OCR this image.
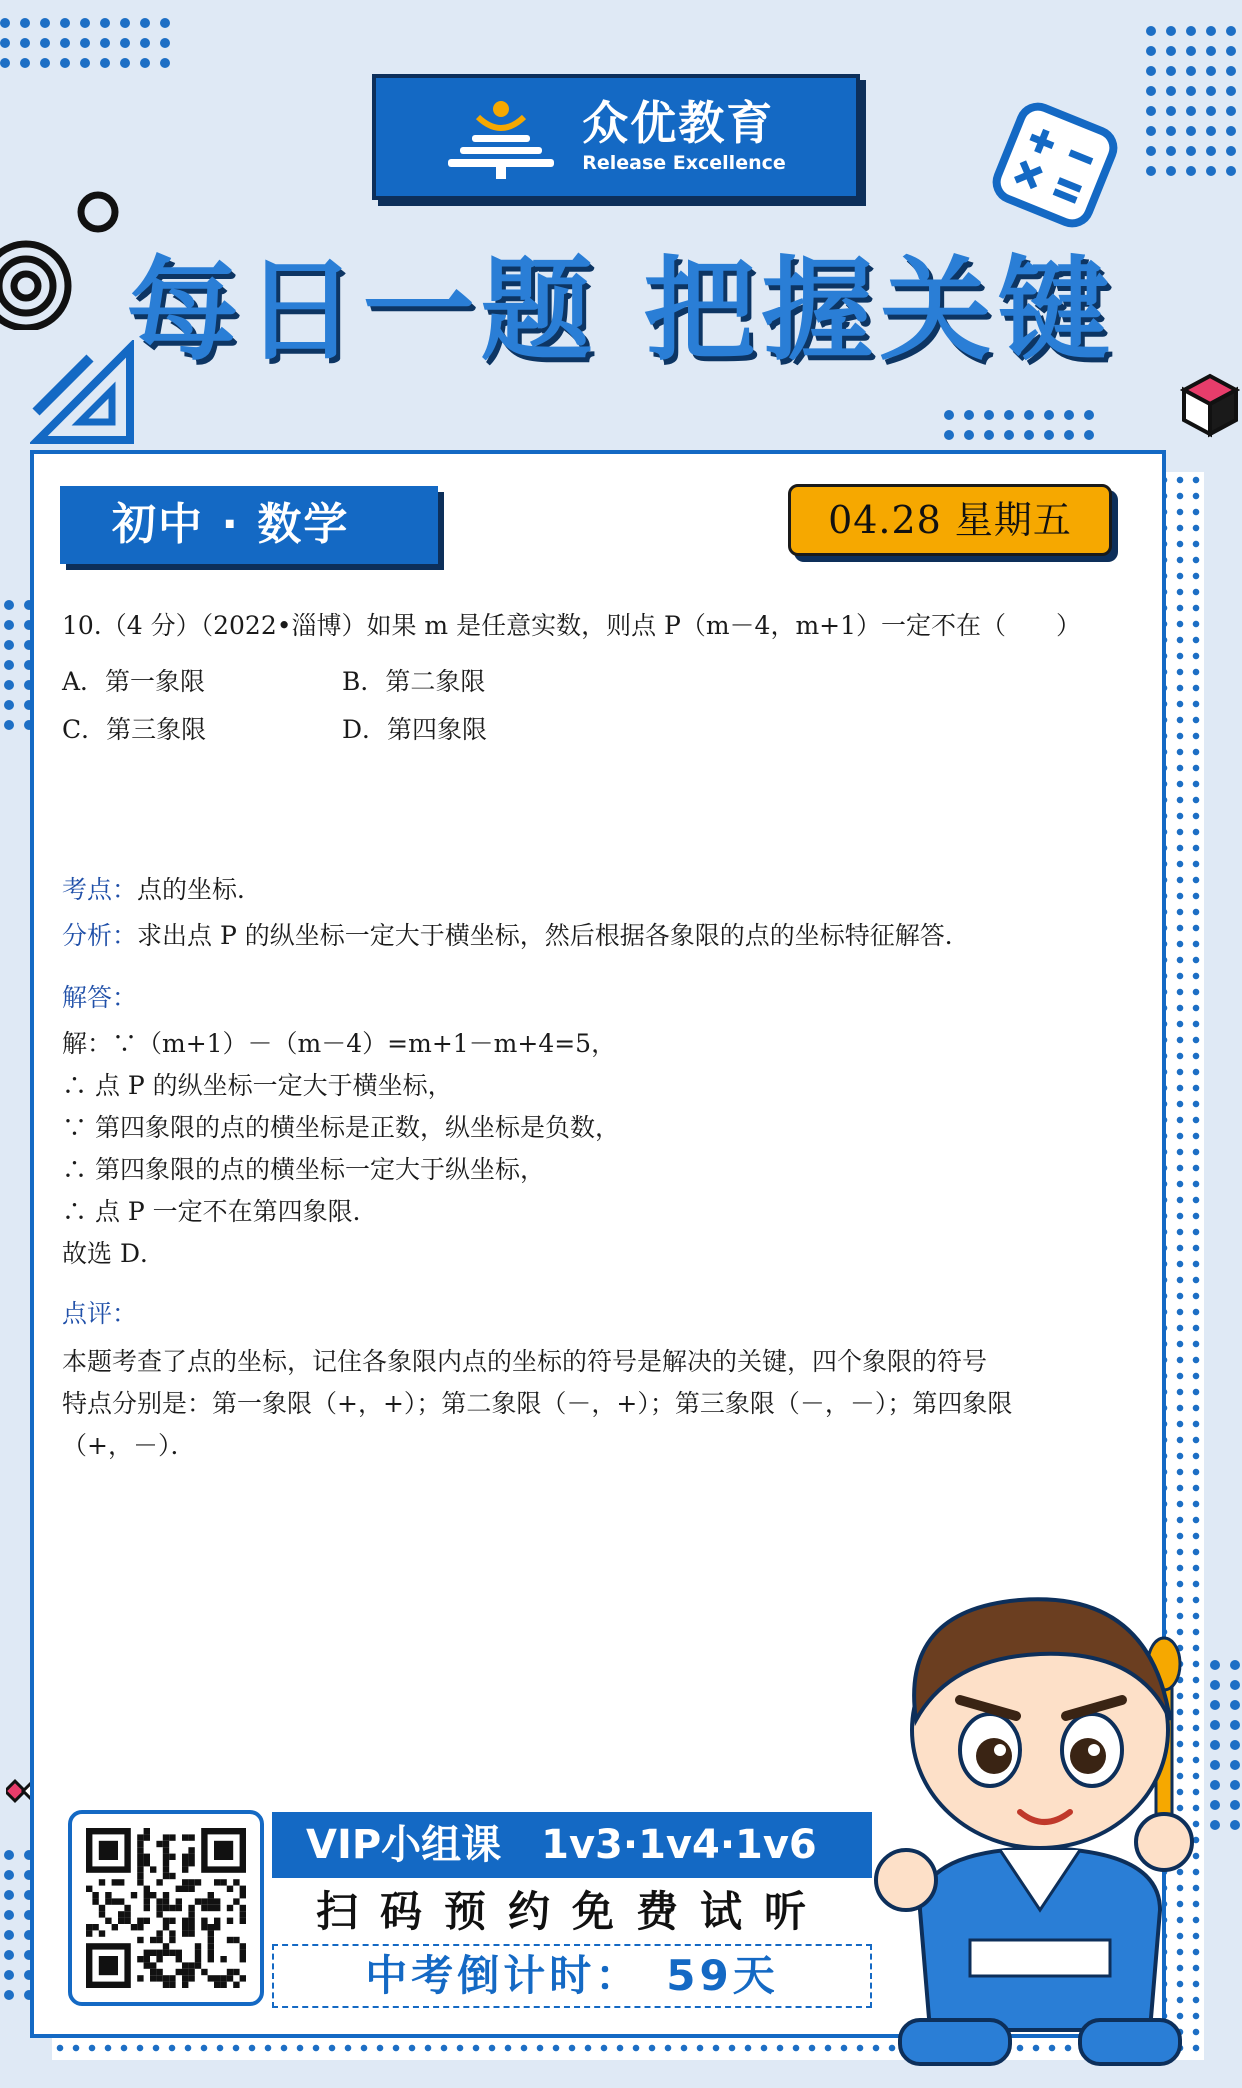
众优教育
Release Excellence
每日一题 把握关键
初中 · 数学	04.28 星期五
10.（4 分）（2022•淄博）如果 m 是任意实数，则点 P（m－4，m+1）一定不在（　　）
A．第一象限	B．第二象限
C．第三象限	D．第四象限
考点：点的坐标．
分析：求出点 P 的纵坐标一定大于横坐标，然后根据各象限的点的坐标特征解答．
解答：
解：∵（m+1）－（m－4）=m+1－m+4=5，
∴ 点 P 的纵坐标一定大于横坐标，
∵ 第四象限的点的横坐标是正数，纵坐标是负数，
∴ 第四象限的点的横坐标一定大于纵坐标，
∴ 点 P 一定不在第四象限．
故选 D．
点评：
本题考查了点的坐标，记住各象限内点的坐标的符号是解决的关键，四个象限的符号
特点分别是：第一象限（+，+）；第二象限（－，+）；第三象限（－，－）；第四象限
（+，－）．
VIP小组课　1v3·1v4·1v6
扫码预约免费试听
中考倒计时：　59天
